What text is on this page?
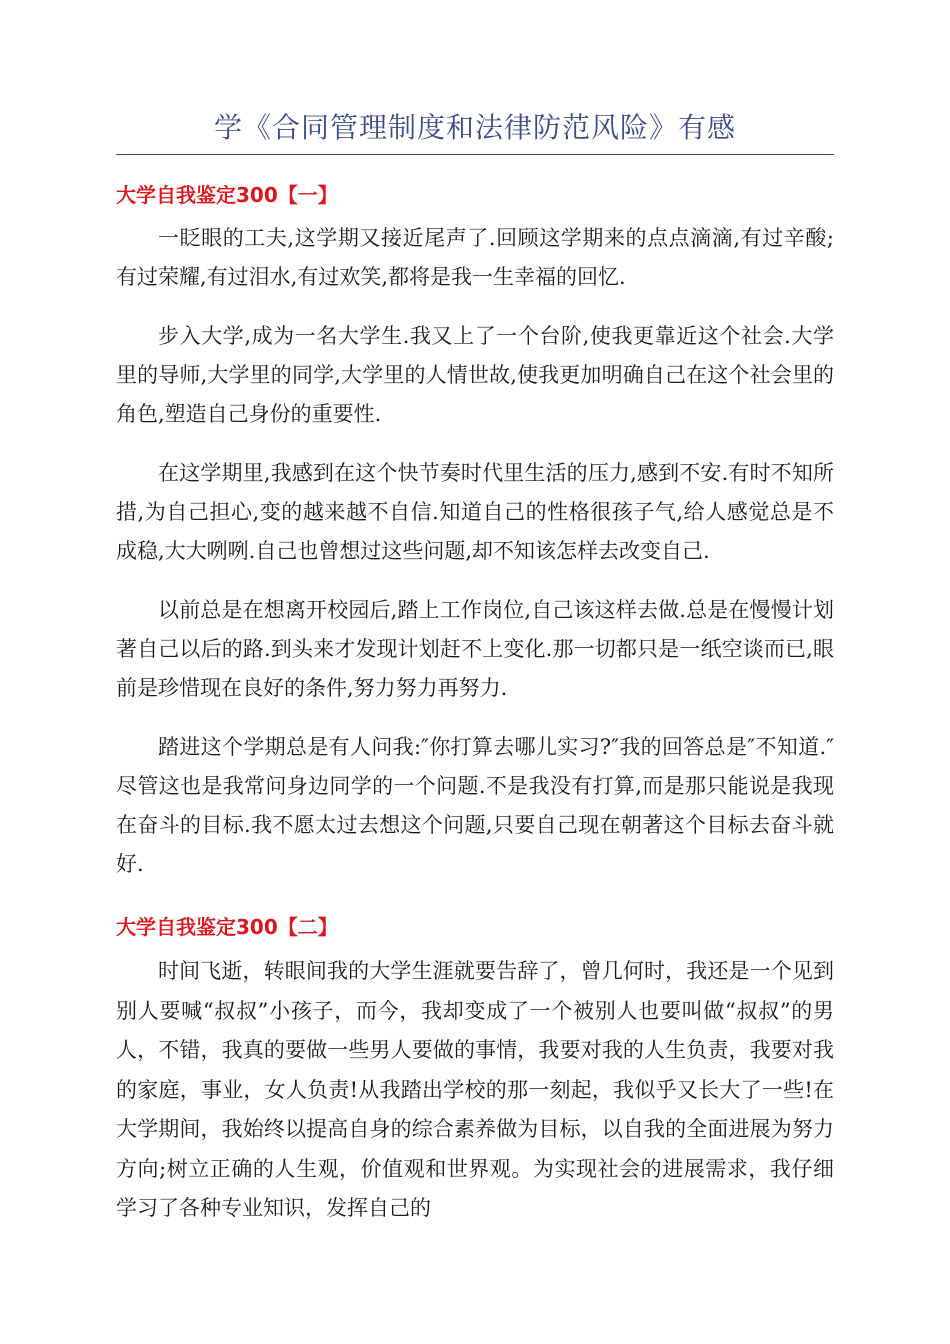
学《合同管理制度和法律防范风险》有感
大学自我鉴定300【一】

一眨眼的工夫,这学期又接近尾声了.回顾这学期来的点点滴滴,有过辛酸;有过荣耀,有过泪水,有过欢笑,都将是我一生幸福的回忆.

步入大学,成为一名大学生.我又上了一个台阶,使我更靠近这个社会.大学里的导师,大学里的同学,大学里的人情世故,使我更加明确自己在这个社会里的角色,塑造自己身份的重要性.

在这学期里,我感到在这个快节奏时代里生活的压力,感到不安.有时不知所措,为自己担心,变的越来越不自信.知道自己的性格很孩子气,给人感觉总是不成稳,大大咧咧.自己也曾想过这些问题,却不知该怎样去改变自己.

以前总是在想离开校园后,踏上工作岗位,自己该这样去做.总是在慢慢计划著自己以后的路.到头来才发现计划赶不上变化.那一切都只是一纸空谈而已,眼前是珍惜现在良好的条件,努力努力再努力.

踏进这个学期总是有人问我:″你打算去哪儿实习?″我的回答总是″不知道.″尽管这也是我常问身边同学的一个问题.不是我没有打算,而是那只能说是我现在奋斗的目标.我不愿太过去想这个问题,只要自己现在朝著这个目标去奋斗就好.

大学自我鉴定300【二】

时间飞逝，转眼间我的大学生涯就要告辞了，曾几何时，我还是一个见到别人要喊“叔叔”小孩子，而今，我却变成了一个被别人也要叫做“叔叔”的男人，不错，我真的要做一些男人要做的事情，我要对我的人生负责，我要对我的家庭，事业，女人负责!从我踏出学校的那一刻起，我似乎又长大了一些!在大学期间，我始终以提高自身的综合素养做为目标，以自我的全面进展为努力方向;树立正确的人生观，价值观和世界观。为实现社会的进展需求，我仔细学习了各种专业知识，发挥自己的
